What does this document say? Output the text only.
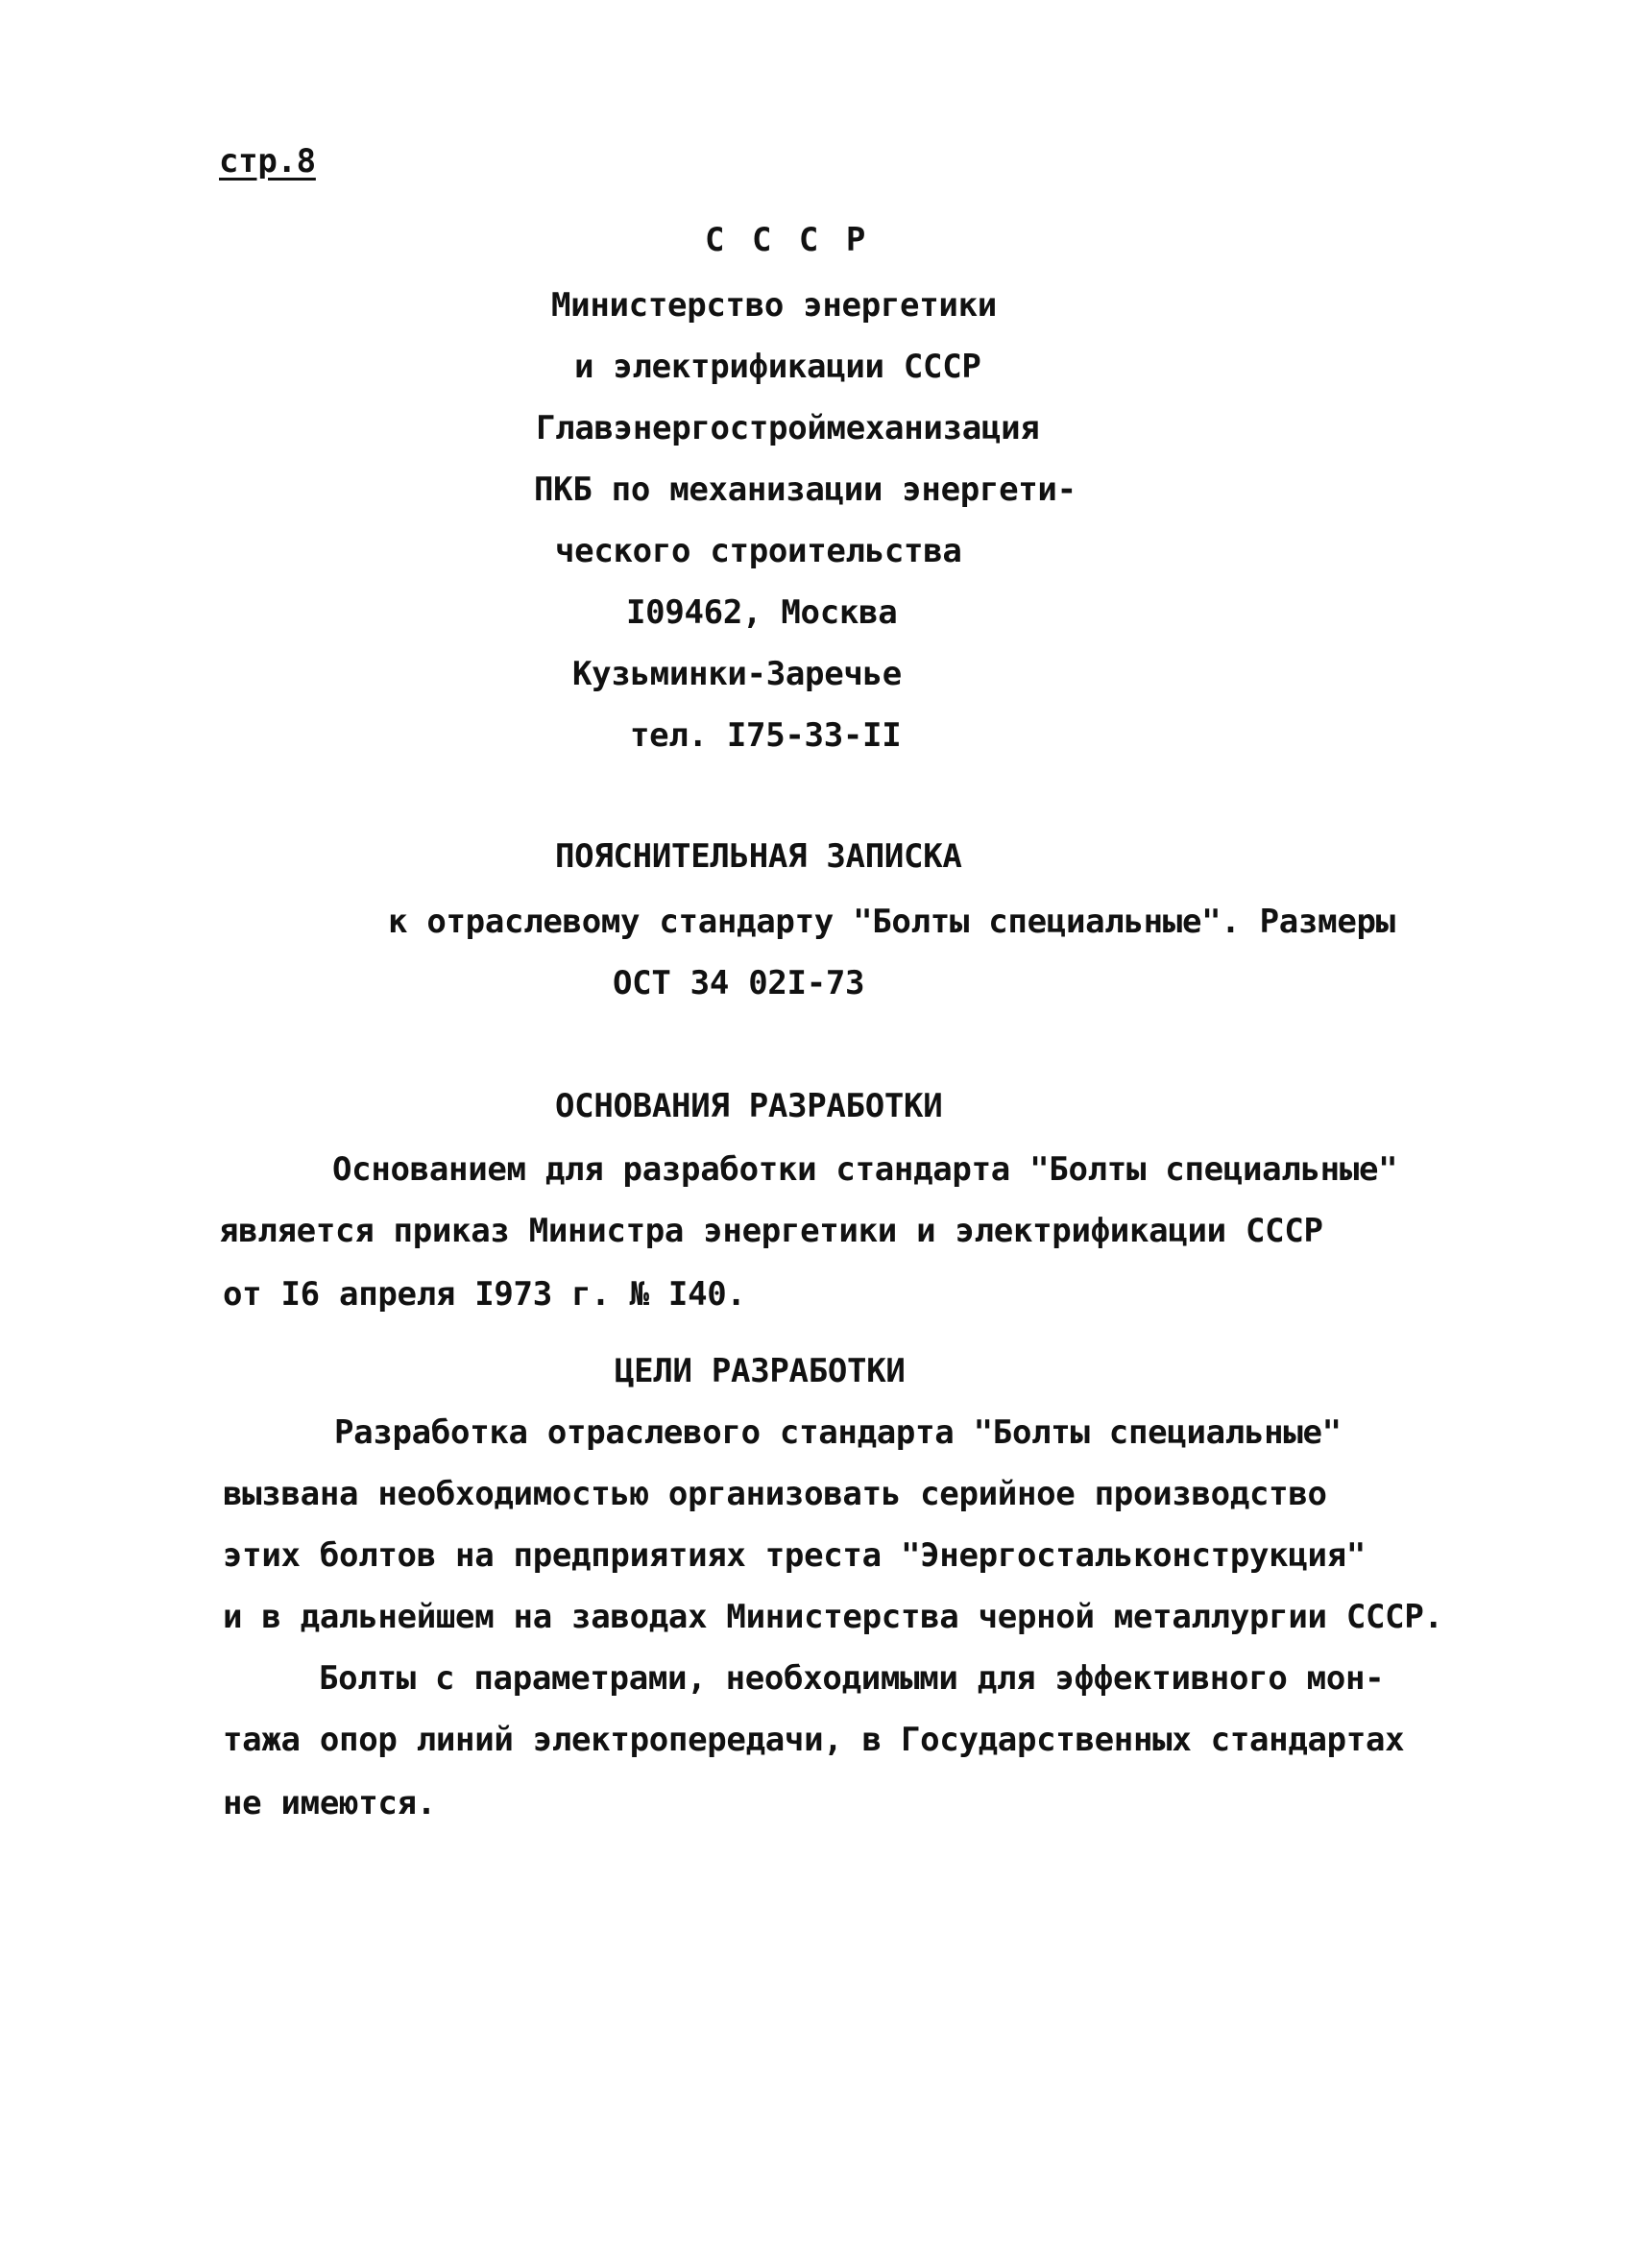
стр.8
С С С Р
Министерство энергетики
и электрификации СССР
Главэнергостроймеханизация
ПКБ по механизации энергети-
ческого строительства
I09462, Москва
Кузьминки-Заречье
тел. I75-33-II
ПОЯСНИТЕЛЬНАЯ ЗАПИСКА
к отраслевому стандарту "Болты специальные". Размеры
ОСТ 34 02I-73
ОСНОВАНИЯ РАЗРАБОТКИ
Основанием для разработки стандарта "Болты специальные"
является приказ Министра энергетики и электрификации СССР
от I6 апреля I973 г. № I40.
ЦЕЛИ РАЗРАБОТКИ
Разработка отраслевого стандарта "Болты специальные"
вызвана необходимостью организовать серийное производство
этих болтов на предприятиях треста "Энергостальконструкция"
и в дальнейшем на заводах Министерства черной металлургии СССР.
Болты с параметрами, необходимыми для эффективного мон-
тажа опор линий электропередачи, в Государственных стандартах
не имеются.
